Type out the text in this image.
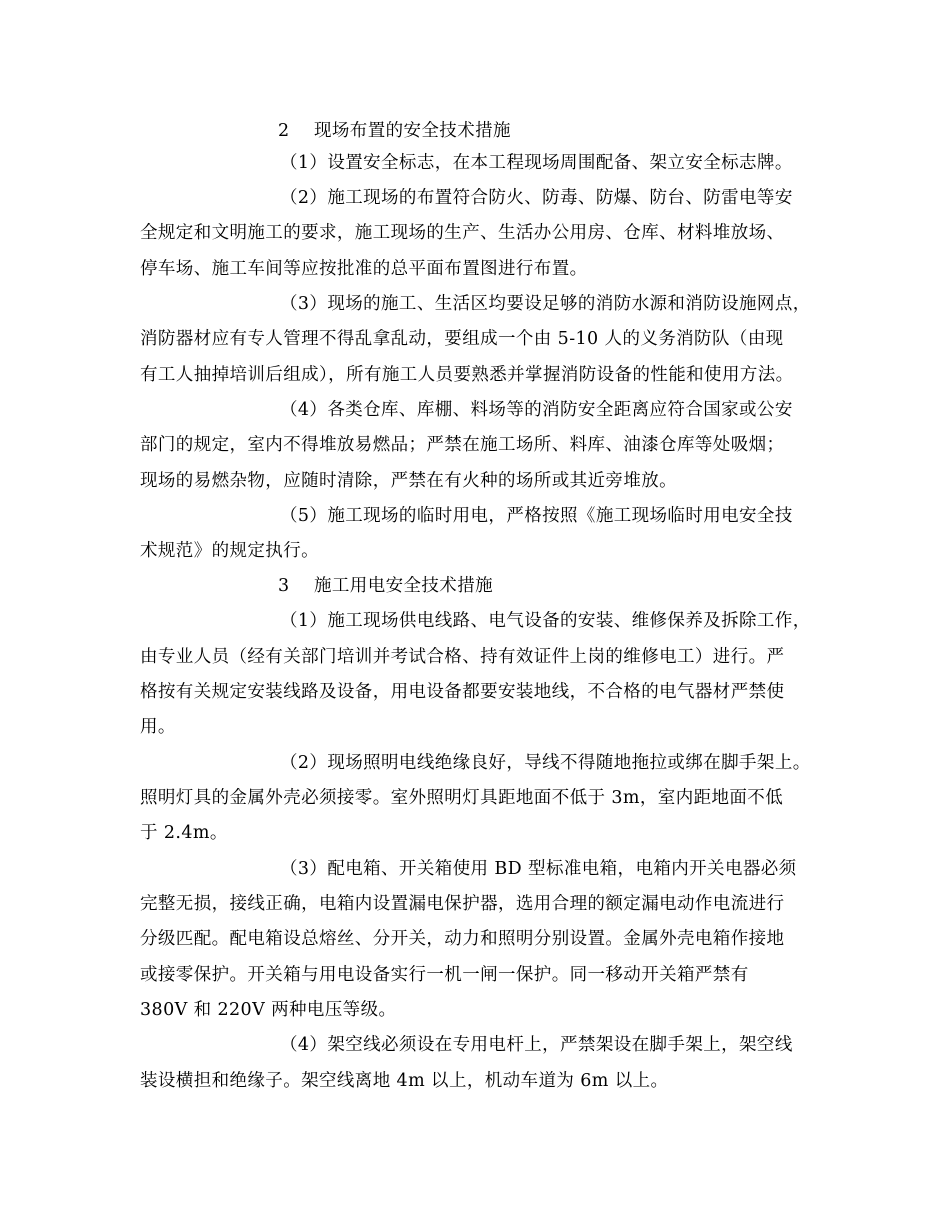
2 现场布置的安全技术措施

（1）设置安全标志，在本工程现场周围配备、架立安全标志牌。

（2）施工现场的布置符合防火、防毒、防爆、防台、防雷电等安

全规定和文明施工的要求，施工现场的生产、生活办公用房、仓库、材料堆放场、

停车场、施工车间等应按批准的总平面布置图进行布置。

（3）现场的施工、生活区均要设足够的消防水源和消防设施网点，

消防器材应有专人管理不得乱拿乱动，要组成一个由 5-10 人的义务消防队（由现

有工人抽掉培训后组成），所有施工人员要熟悉并掌握消防设备的性能和使用方法。

（4）各类仓库、库棚、料场等的消防安全距离应符合国家或公安

部门的规定，室内不得堆放易燃品；严禁在施工场所、料库、油漆仓库等处吸烟；

现场的易燃杂物，应随时清除，严禁在有火种的场所或其近旁堆放。

（5）施工现场的临时用电，严格按照《施工现场临时用电安全技

术规范》的规定执行。

3 施工用电安全技术措施

（1）施工现场供电线路、电气设备的安装、维修保养及拆除工作，

由专业人员（经有关部门培训并考试合格、持有效证件上岗的维修电工）进行。严

格按有关规定安装线路及设备，用电设备都要安装地线，不合格的电气器材严禁使

用。

（2）现场照明电线绝缘良好，导线不得随地拖拉或绑在脚手架上。

照明灯具的金属外壳必须接零。室外照明灯具距地面不低于 3m，室内距地面不低

于 2.4m。

（3）配电箱、开关箱使用 BD 型标准电箱，电箱内开关电器必须

完整无损，接线正确，电箱内设置漏电保护器，选用合理的额定漏电动作电流进行

分级匹配。配电箱设总熔丝、分开关，动力和照明分别设置。金属外壳电箱作接地

或接零保护。开关箱与用电设备实行一机一闸一保护。同一移动开关箱严禁有

380V 和 220V 两种电压等级。

（4）架空线必须设在专用电杆上，严禁架设在脚手架上，架空线

装设横担和绝缘子。架空线离地 4m 以上，机动车道为 6m 以上。
